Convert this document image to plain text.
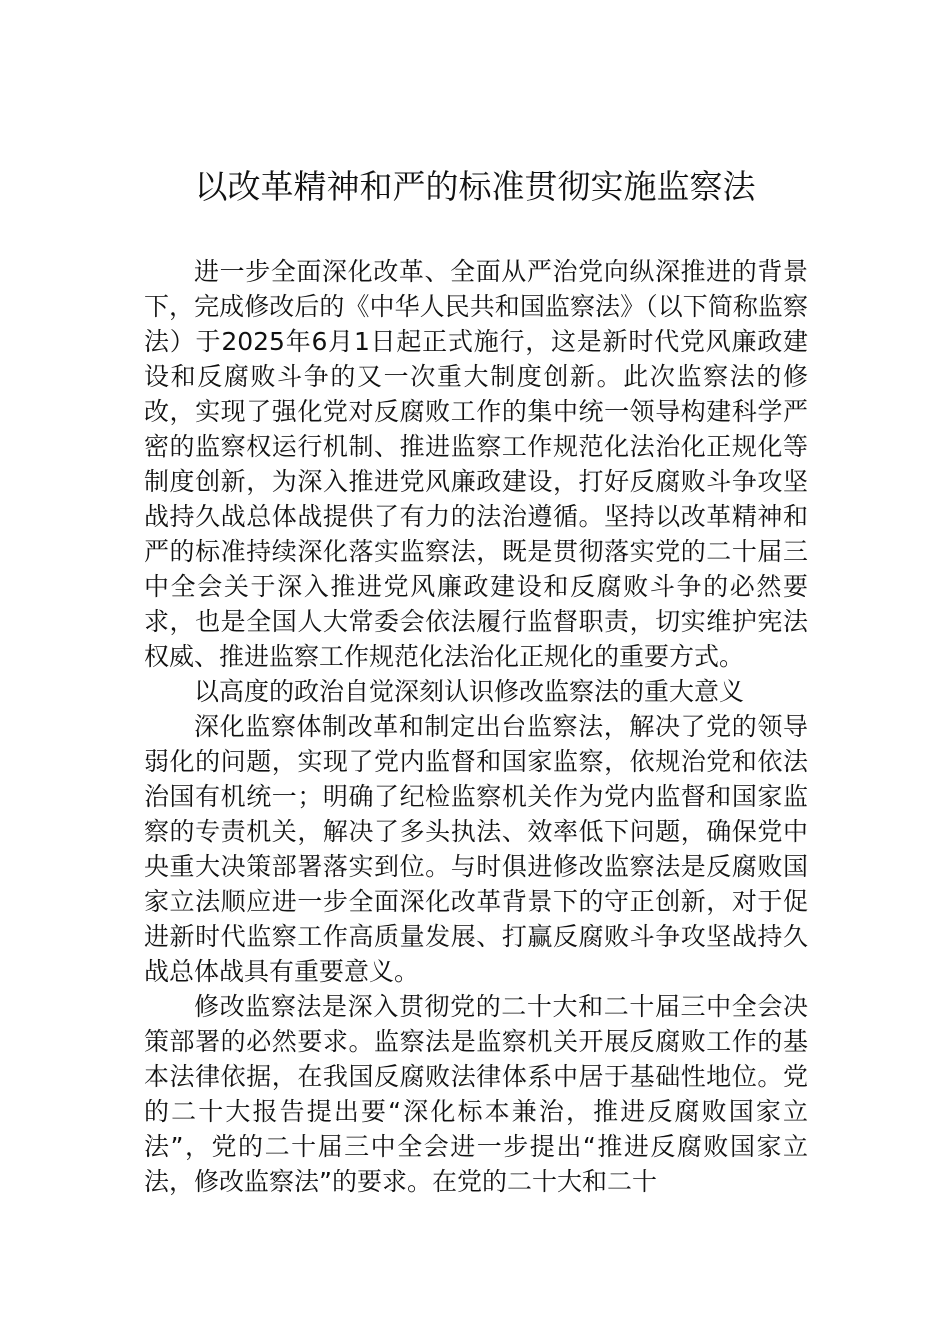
以改革精神和严的标准贯彻实施监察法

进一步全面深化改革、全面从严治党向纵深推进的背景下，完成修改后的《中华人民共和国监察法》（以下简称监察法）于2025年6月1日起正式施行，这是新时代党风廉政建设和反腐败斗争的又一次重大制度创新。此次监察法的修改，实现了强化党对反腐败工作的集中统一领导构建科学严密的监察权运行机制、推进监察工作规范化法治化正规化等制度创新，为深入推进党风廉政建设，打好反腐败斗争攻坚战持久战总体战提供了有力的法治遵循。坚持以改革精神和严的标准持续深化落实监察法，既是贯彻落实党的二十届三中全会关于深入推进党风廉政建设和反腐败斗争的必然要求，也是全国人大常委会依法履行监督职责，切实维护宪法权威、推进监察工作规范化法治化正规化的重要方式。

以高度的政治自觉深刻认识修改监察法的重大意义

深化监察体制改革和制定出台监察法，解决了党的领导弱化的问题，实现了党内监督和国家监察，依规治党和依法治国有机统一；明确了纪检监察机关作为党内监督和国家监察的专责机关，解决了多头执法、效率低下问题，确保党中央重大决策部署落实到位。与时俱进修改监察法是反腐败国家立法顺应进一步全面深化改革背景下的守正创新，对于促进新时代监察工作高质量发展、打赢反腐败斗争攻坚战持久战总体战具有重要意义。

修改监察法是深入贯彻党的二十大和二十届三中全会决策部署的必然要求。监察法是监察机关开展反腐败工作的基本法律依据，在我国反腐败法律体系中居于基础性地位。党的二十大报告提出要“深化标本兼治，推进反腐败国家立法”，党的二十届三中全会进一步提出“推进反腐败国家立法，修改监察法”的要求。在党的二十大和二十
